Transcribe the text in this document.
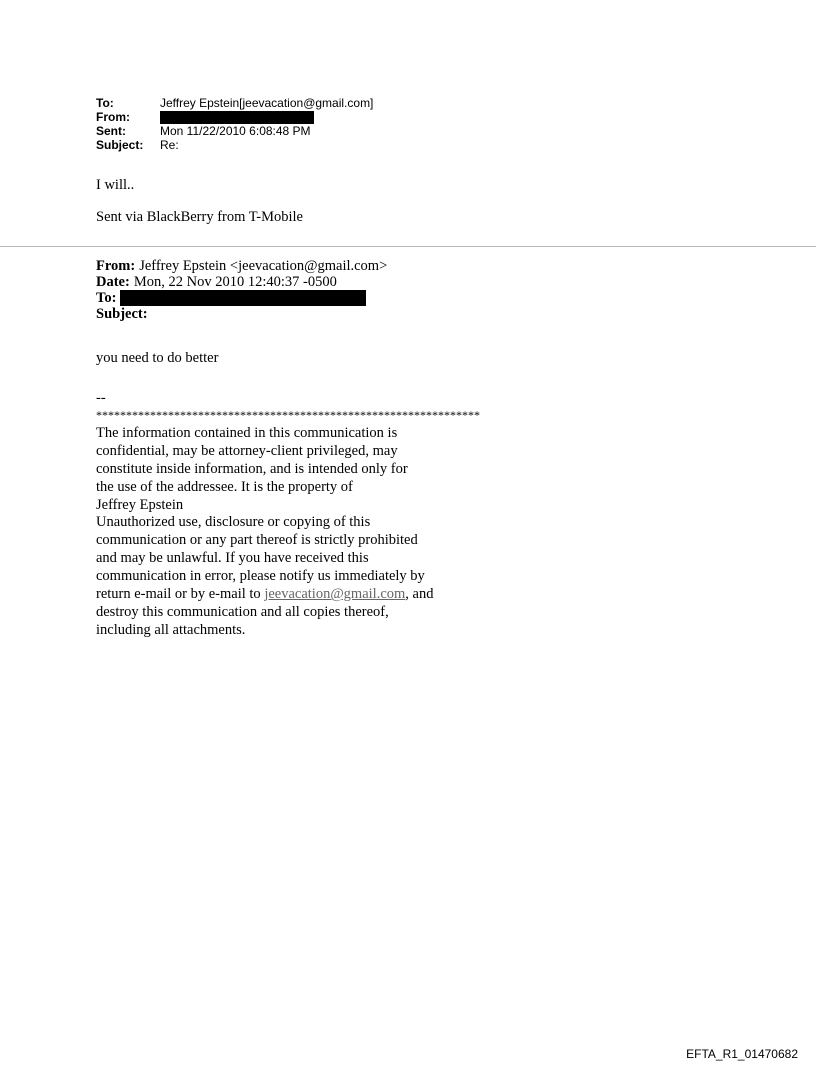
To:	Jeffrey Epstein[jeevacation@gmail.com]
From:
Sent:	Mon 11/22/2010 6:08:48 PM
Subject:	Re:

I will..

Sent via BlackBerry from T-Mobile

From: Jeffrey Epstein <jeevacation@gmail.com>
Date: Mon, 22 Nov 2010 12:40:37 -0500
To:
Subject:

you need to do better

--
****************************************************************
The information contained in this communication is
confidential, may be attorney-client privileged, may
constitute inside information, and is intended only for
the use of the addressee. It is the property of
Jeffrey Epstein
Unauthorized use, disclosure or copying of this
communication or any part thereof is strictly prohibited
and may be unlawful. If you have received this
communication in error, please notify us immediately by
return e-mail or by e-mail to jeevacation@gmail.com, and
destroy this communication and all copies thereof,
including all attachments.
EFTA_R1_01470682
